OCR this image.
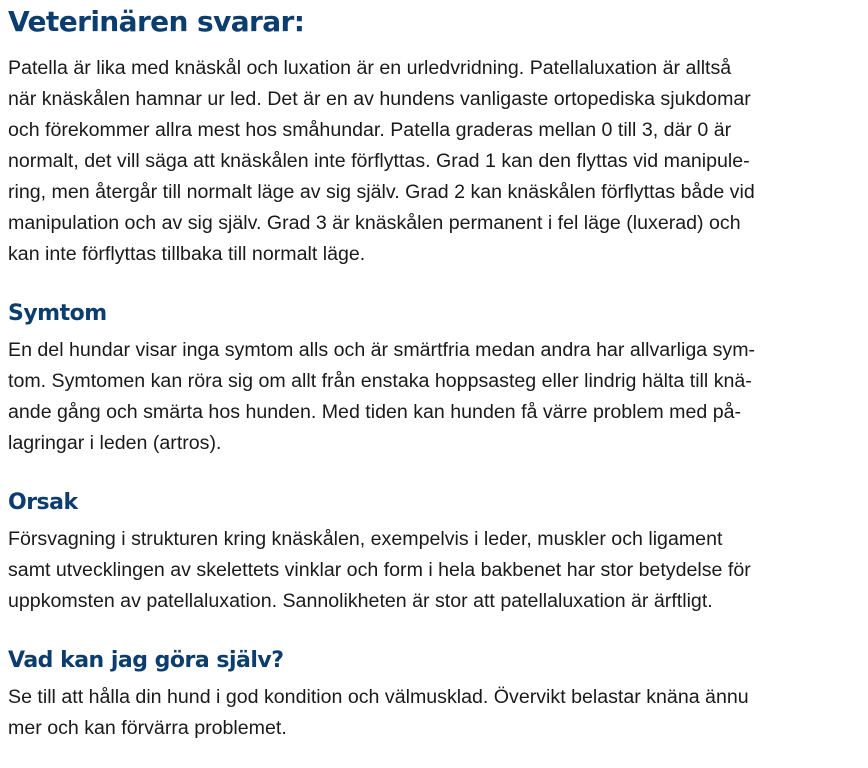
Veterinären svarar:

Patella är lika med knäskål och luxation är en urledvridning. Patellaluxation är alltså
när knäskålen hamnar ur led. Det är en av hundens vanligaste ortopediska sjukdomar
och förekommer allra mest hos småhundar. Patella graderas mellan 0 till 3, där 0 är
normalt, det vill säga att knäskålen inte förflyttas. Grad 1 kan den flyttas vid manipule-
ring, men återgår till normalt läge av sig själv. Grad 2 kan knäskålen förflyttas både vid
manipulation och av sig själv. Grad 3 är knäskålen permanent i fel läge (luxerad) och
kan inte förflyttas tillbaka till normalt läge.

Symtom

En del hundar visar inga symtom alls och är smärtfria medan andra har allvarliga sym-
tom. Symtomen kan röra sig om allt från enstaka hoppsasteg eller lindrig hälta till knä-
ande gång och smärta hos hunden. Med tiden kan hunden få värre problem med på-
lagringar i leden (artros).

Orsak

Försvagning i strukturen kring knäskålen, exempelvis i leder, muskler och ligament
samt utvecklingen av skelettets vinklar och form i hela bakbenet har stor betydelse för
uppkomsten av patellaluxation. Sannolikheten är stor att patellaluxation är ärftligt.

Vad kan jag göra själv?

Se till att hålla din hund i god kondition och välmusklad. Övervikt belastar knäna ännu
mer och kan förvärra problemet.
